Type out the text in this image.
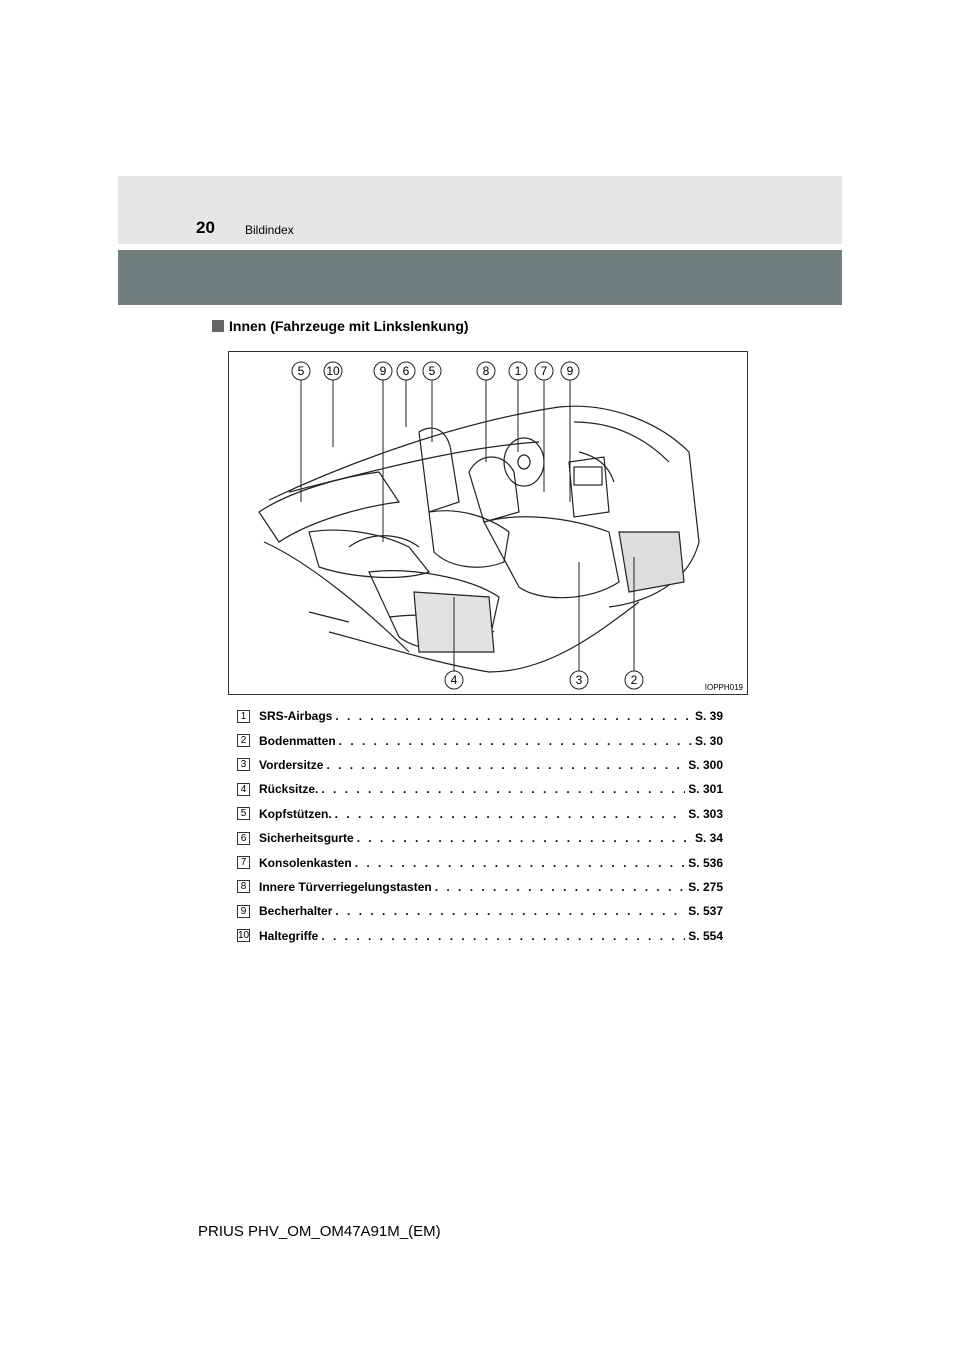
20	Bildindex
Innen (Fahrzeuge mit Linkslenkung)
5 10	9 6 5	8 1 7 9
4	3	2
IOPPH019
1	SRS-Airbags . . .	S. 39
2	Bodenmatten . . .	S. 30
3	Vordersitze . . .	S. 300
4	Rücksitze. . . .	S. 301
5	Kopfstützen. . . .	S. 303
6	Sicherheitsgurte . . .	S. 34
7	Konsolenkasten . . .	S. 536
8	Innere Türverriegelungstasten . . .	S. 275
9	Becherhalter . . .	S. 537
10 Haltegriffe . . .	S. 554
PRIUS PHV_OM_OM47A91M_(EM)
